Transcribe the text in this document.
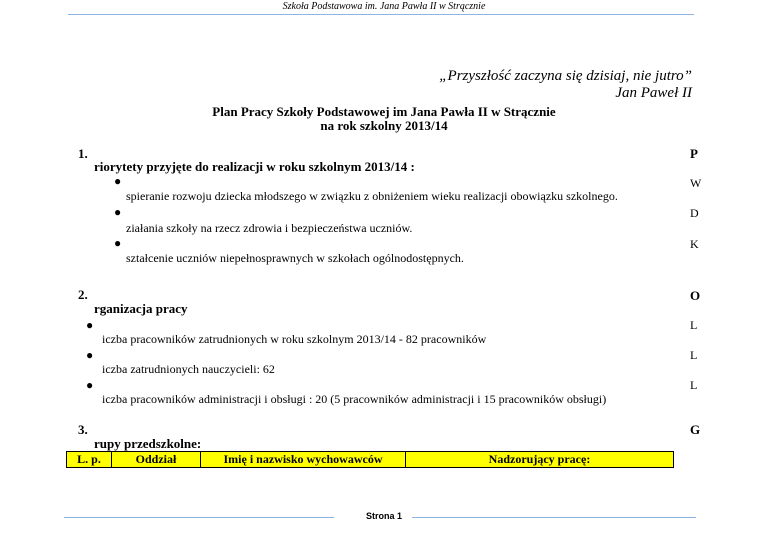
Szkoła Podstawowa im. Jana Pawła II w Strącznie
„Przyszłość zaczyna się dzisiaj, nie jutro”
Jan Paweł II
Plan Pracy Szkoły Podstawowej im Jana Pawła II w Strącznie
na rok szkolny 2013/14
1.
riorytety przyjęte do realizacji w roku szkolnym 2013/14 :
●
spieranie rozwoju dziecka młodszego w związku z obniżeniem wieku realizacji obowiązku szkolnego.
●
ziałania szkoły na rzecz zdrowia i bezpieczeństwa uczniów.
●
ształcenie uczniów niepełnosprawnych w szkołach ogólnodostępnych.
2.
rganizacja pracy
●
iczba pracowników zatrudnionych w roku szkolnym 2013/14 - 82 pracowników
●
iczba zatrudnionych nauczycieli: 62
●
iczba pracowników administracji i obsługi : 20 (5 pracowników administracji i 15 pracowników obsługi)
3.
rupy przedszkolne:
L. p.	Oddział	Imię i nazwisko wychowawców	Nadzorujący pracę:
P
W
D
K
O
L
L
L
G
Strona 1
